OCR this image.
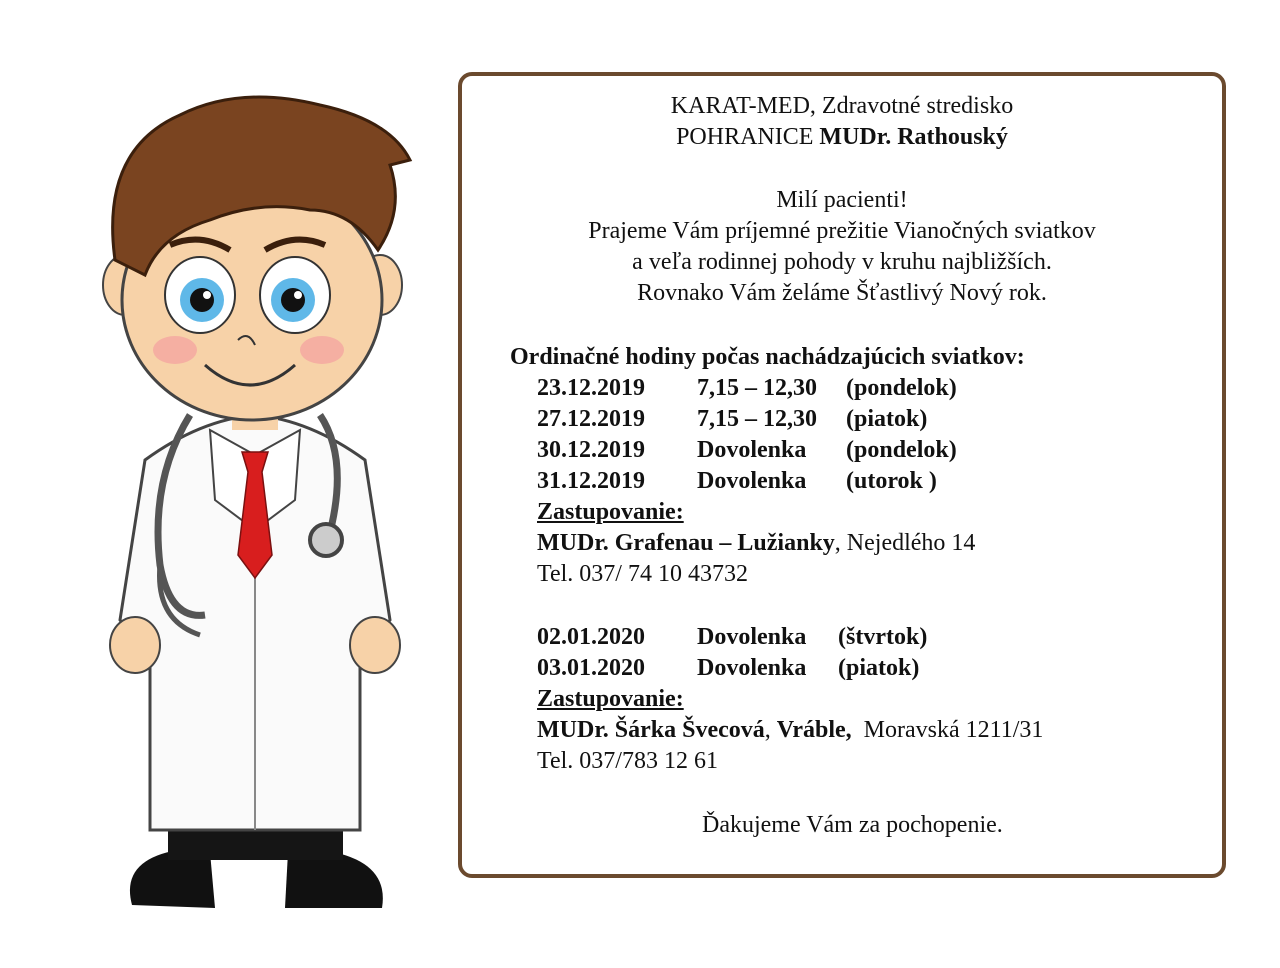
KARAT-MED, Zdravotné stredisko
POHRANICE MUDr. Rathouský
Milí pacienti!
Prajeme Vám príjemné prežitie Vianočných sviatkov
a veľa rodinnej pohody v kruhu najbližších.
Rovnako Vám želáme Šťastlivý Nový rok.
Ordinačné hodiny počas nachádzajúcich sviatkov:
23.12.2019 7,15 – 12,30 (pondelok)
27.12.2019 7,15 – 12,30 (piatok)
30.12.2019 Dovolenka (pondelok)
31.12.2019 Dovolenka (utorok )
Zastupovanie:
MUDr. Grafenau – Lužianky, Nejedlého 14
Tel. 037/ 74 10 43732
02.01.2020 Dovolenka (štvrtok)
03.01.2020 Dovolenka (piatok)
Zastupovanie:
MUDr. Šárka Švecová, Vráble,  Moravská 1211/31
Tel. 037/783 12 61
Ďakujeme Vám za pochopenie.
